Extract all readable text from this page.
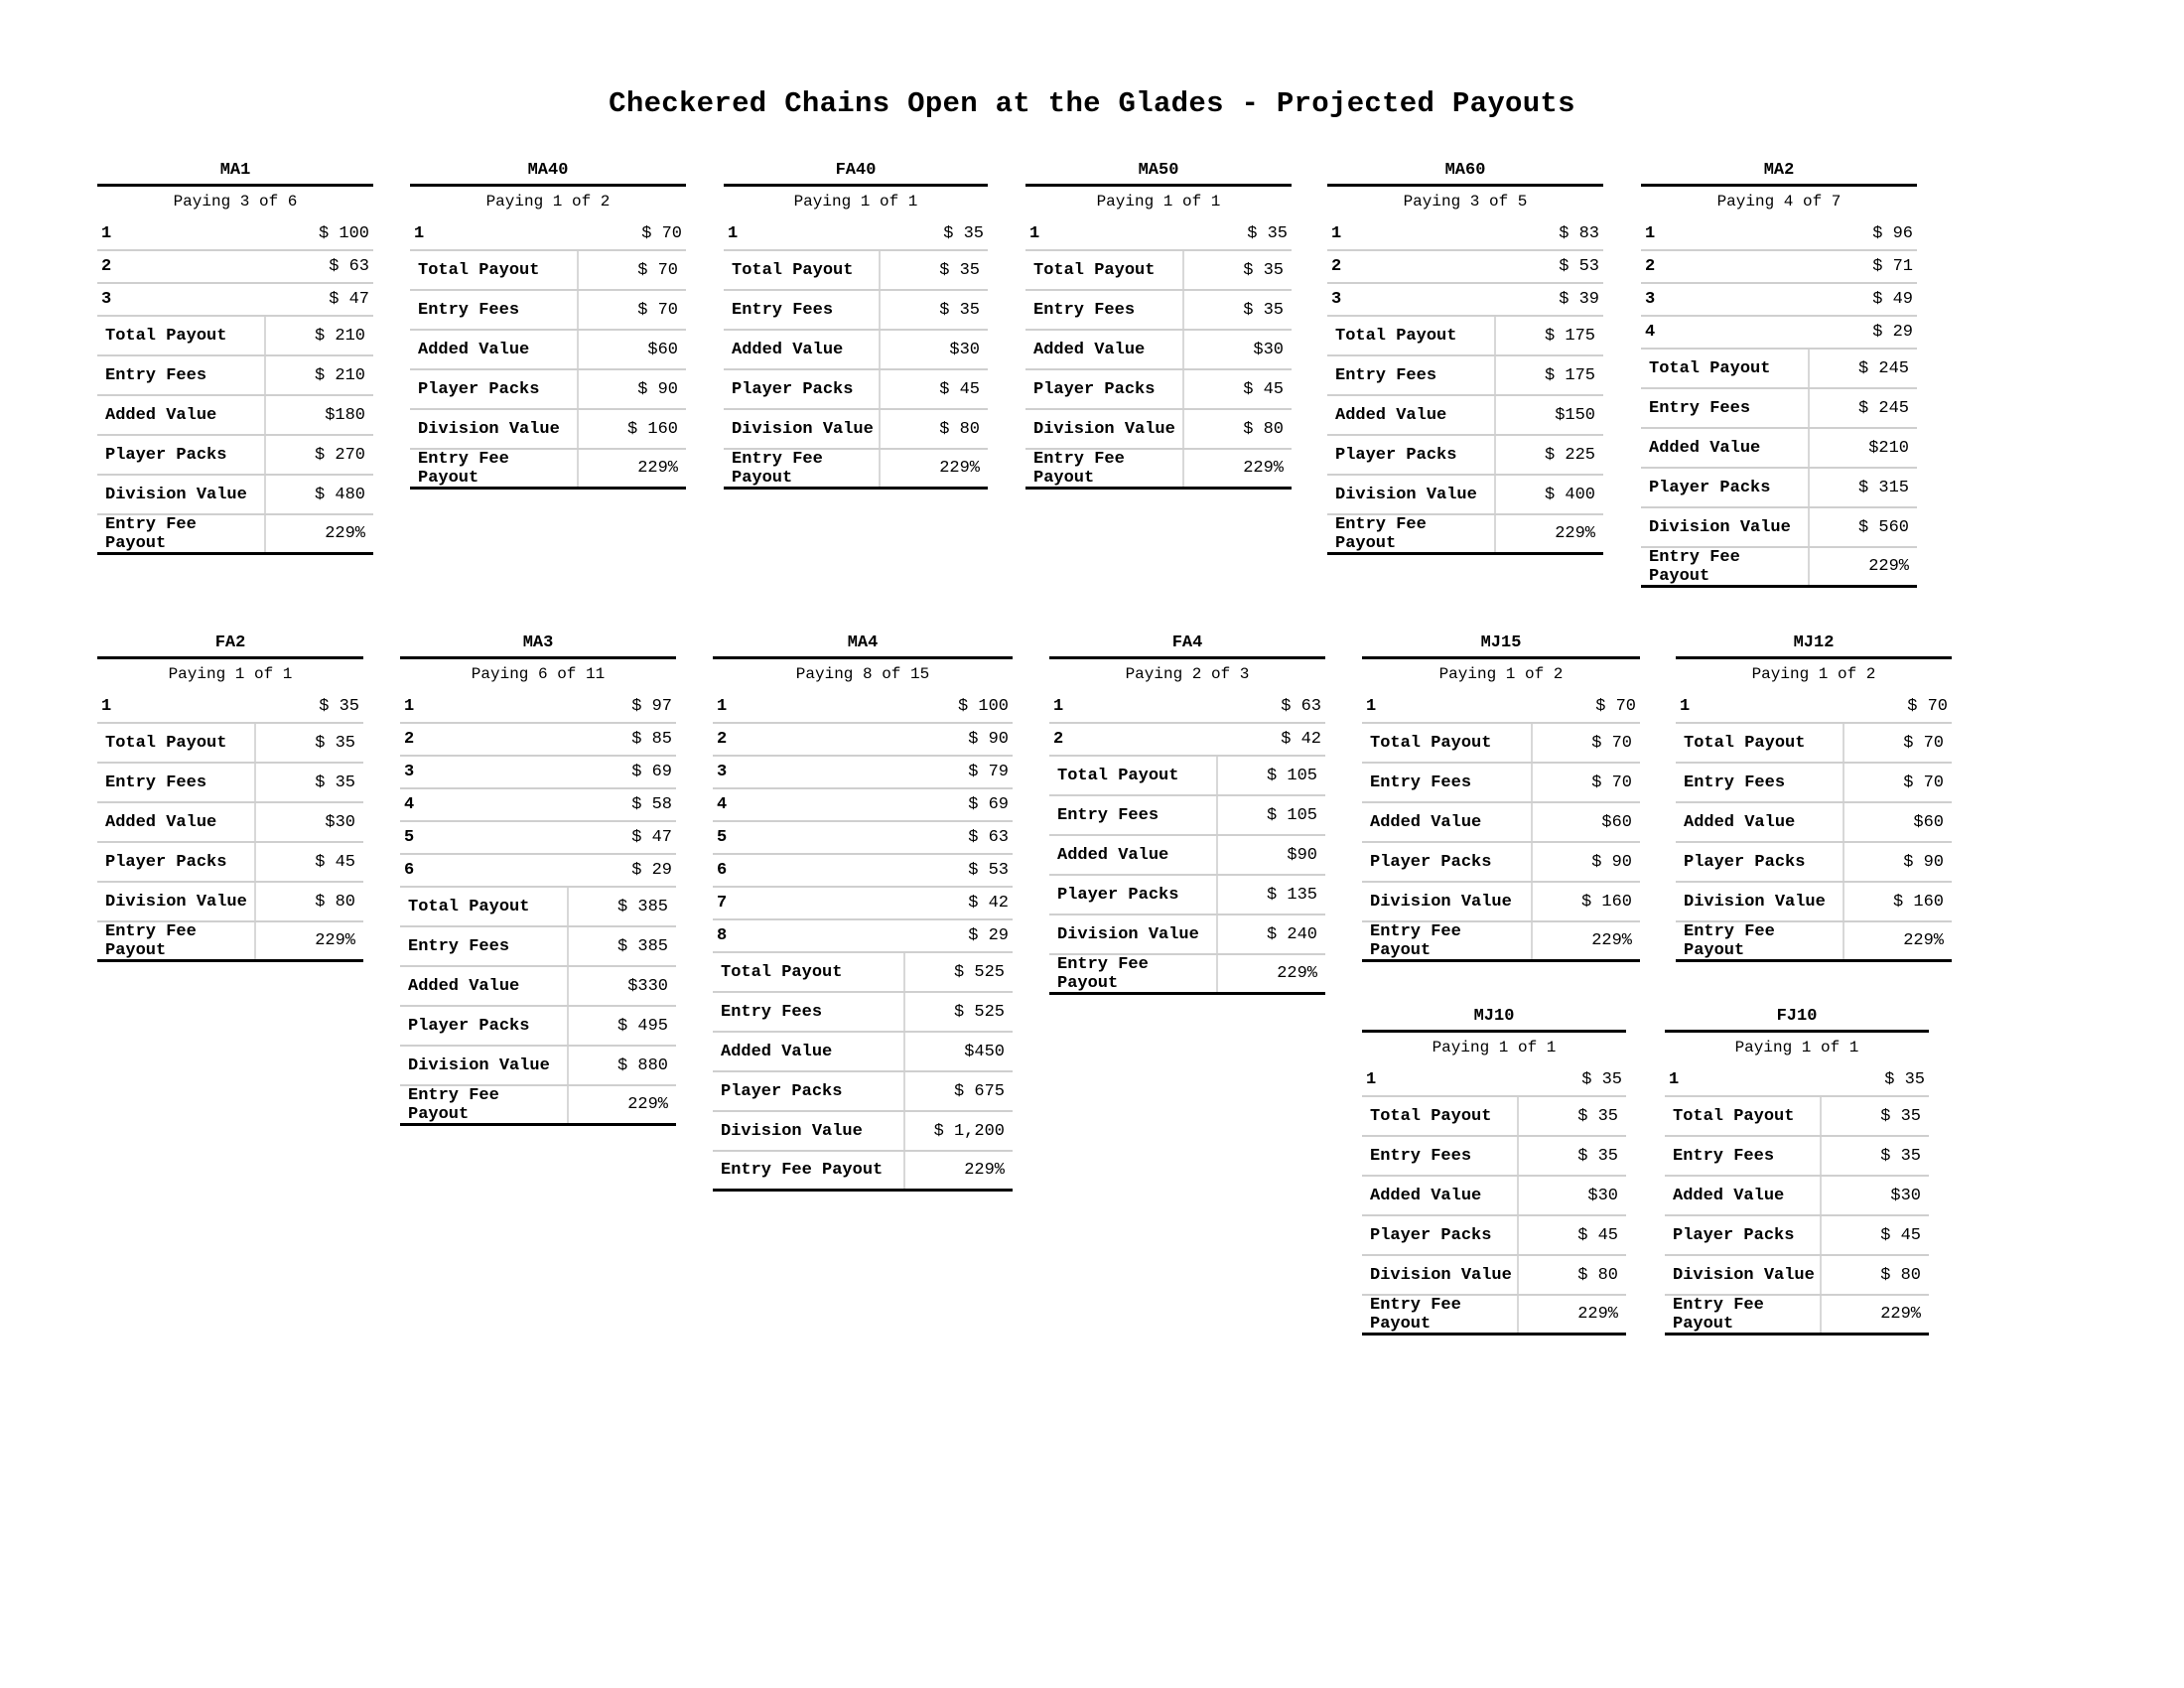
Checkered Chains Open at the Glades - Projected Payouts
MA1
Paying 3 of 6
1	$ 100
2	$ 63
3	$ 47
Total Payout	$ 210
Entry Fees	$ 210
Added Value	$180
Player Packs	$ 270
Division Value	$ 480
Entry Fee Payout	229%
MA40
Paying 1 of 2
1	$ 70
Total Payout	$ 70
Entry Fees	$ 70
Added Value	$60
Player Packs	$ 90
Division Value	$ 160
Entry Fee Payout	229%
FA40
Paying 1 of 1
1	$ 35
Total Payout	$ 35
Entry Fees	$ 35
Added Value	$30
Player Packs	$ 45
Division Value	$ 80
Entry Fee Payout	229%
MA50
Paying 1 of 1
1	$ 35
Total Payout	$ 35
Entry Fees	$ 35
Added Value	$30
Player Packs	$ 45
Division Value	$ 80
Entry Fee Payout	229%
MA60
Paying 3 of 5
1	$ 83
2	$ 53
3	$ 39
Total Payout	$ 175
Entry Fees	$ 175
Added Value	$150
Player Packs	$ 225
Division Value	$ 400
Entry Fee Payout	229%
MA2
Paying 4 of 7
1	$ 96
2	$ 71
3	$ 49
4	$ 29
Total Payout	$ 245
Entry Fees	$ 245
Added Value	$210
Player Packs	$ 315
Division Value	$ 560
Entry Fee Payout	229%
FA2
Paying 1 of 1
1	$ 35
Total Payout	$ 35
Entry Fees	$ 35
Added Value	$30
Player Packs	$ 45
Division Value	$ 80
Entry Fee Payout	229%
MA3
Paying 6 of 11
1	$ 97
2	$ 85
3	$ 69
4	$ 58
5	$ 47
6	$ 29
Total Payout	$ 385
Entry Fees	$ 385
Added Value	$330
Player Packs	$ 495
Division Value	$ 880
Entry Fee Payout	229%
MA4
Paying 8 of 15
1	$ 100
2	$ 90
3	$ 79
4	$ 69
5	$ 63
6	$ 53
7	$ 42
8	$ 29
Total Payout	$ 525
Entry Fees	$ 525
Added Value	$450
Player Packs	$ 675
Division Value	$ 1,200
Entry Fee Payout	229%
FA4
Paying 2 of 3
1	$ 63
2	$ 42
Total Payout	$ 105
Entry Fees	$ 105
Added Value	$90
Player Packs	$ 135
Division Value	$ 240
Entry Fee Payout	229%
MJ15
Paying 1 of 2
1	$ 70
Total Payout	$ 70
Entry Fees	$ 70
Added Value	$60
Player Packs	$ 90
Division Value	$ 160
Entry Fee Payout	229%
MJ12
Paying 1 of 2
1	$ 70
Total Payout	$ 70
Entry Fees	$ 70
Added Value	$60
Player Packs	$ 90
Division Value	$ 160
Entry Fee Payout	229%
MJ10
Paying 1 of 1
1	$ 35
Total Payout	$ 35
Entry Fees	$ 35
Added Value	$30
Player Packs	$ 45
Division Value	$ 80
Entry Fee Payout	229%
FJ10
Paying 1 of 1
1	$ 35
Total Payout	$ 35
Entry Fees	$ 35
Added Value	$30
Player Packs	$ 45
Division Value	$ 80
Entry Fee Payout	229%
